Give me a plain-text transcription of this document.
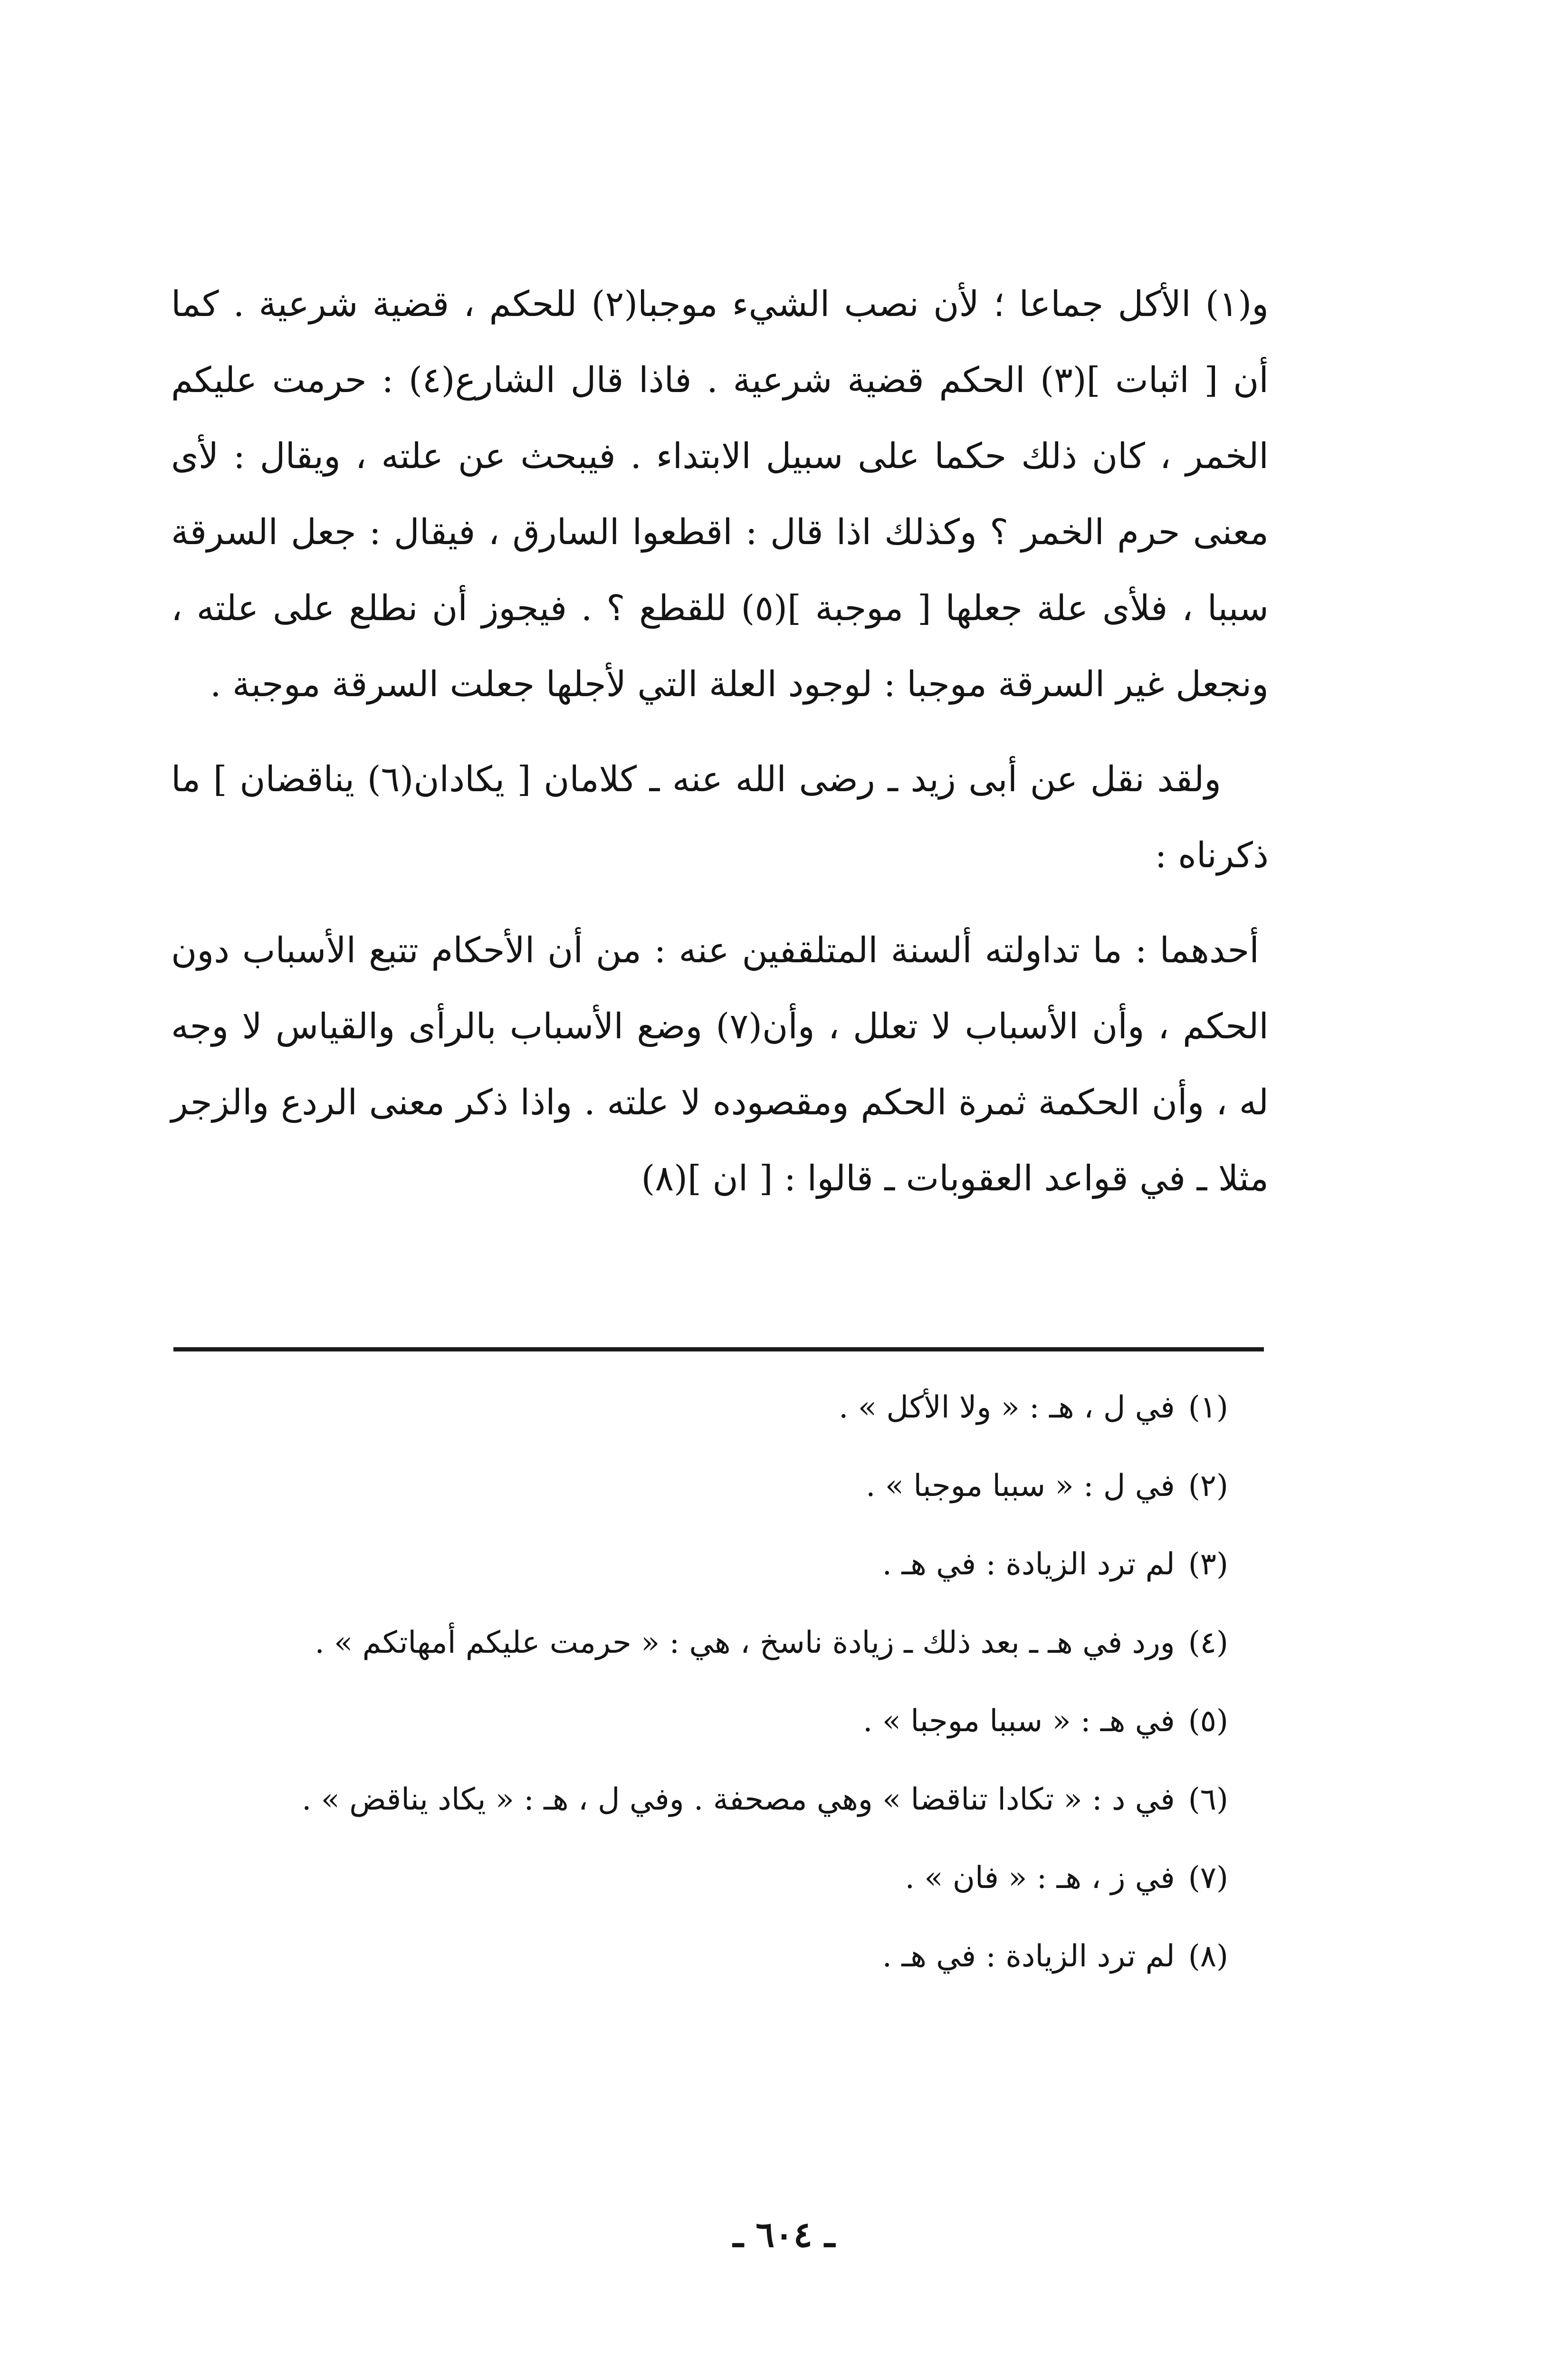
و(١) الأكل جماعا ؛ لأن نصب الشيء موجبا(٢) للحكم ، قضية شرعية . كما أن [ اثبات ](٣) الحكم قضية شرعية . فاذا قال الشارع(٤) : حرمت عليكم الخمر ، كان ذلك حكما على سبيل الابتداء . فيبحث عن علته ، ويقال : لأى معنى حرم الخمر ؟ وكذلك اذا قال : اقطعوا السارق ، فيقال : جعل السرقة سببا ، فلأى علة جعلها [ موجبة ](٥) للقطع ؟ . فيجوز أن نطلع على علته ، ونجعل غير السرقة موجبا : لوجود العلة التي لأجلها جعلت السرقة موجبة .

ولقد نقل عن أبى زيد ـ رضى الله عنه ـ كلامان [ يكادان(٦) يناقضان ] ما ذكرناه :

أحدهما : ما تداولته ألسنة المتلقفين عنه : من أن الأحكام تتبع الأسباب دون الحكم ، وأن الأسباب لا تعلل ، وأن(٧) وضع الأسباب بالرأى والقياس لا وجه له ، وأن الحكمة ثمرة الحكم ومقصوده لا علته . واذا ذكر معنى الردع والزجر مثلا ـ في قواعد العقوبات ـ قالوا : [ ان ](٨)

(١)في ل ، هـ : « ولا الأكل » .

(٢)في ل : « سببا موجبا » .

(٣)لم ترد الزيادة : في هـ .

(٤)ورد في هـ ـ بعد ذلك ـ زيادة ناسخ ، هي : « حرمت عليكم أمهاتكم » .

(٥)في هـ : « سببا موجبا » .

(٦)في د : « تكادا تناقضا » وهي مصحفة . وفي ل ، هـ : « يكاد يناقض » .

(٧)في ز ، هـ : « فان » .

(٨)لم ترد الزيادة : في هـ .

ـ ٦٠٤ ـ
